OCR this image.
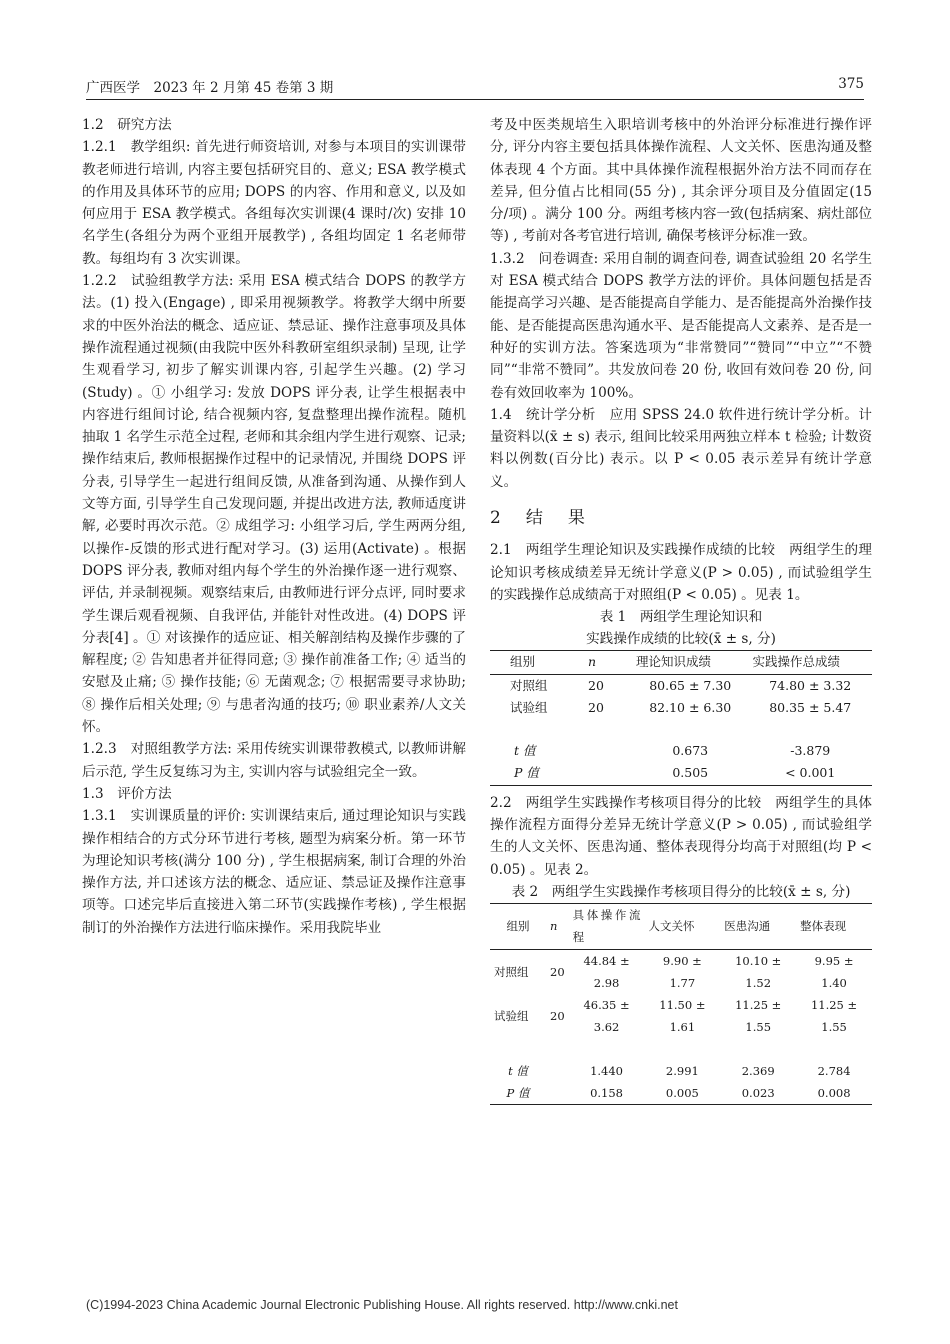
广西医学　2023 年 2 月第 45 卷第 3 期	375

1.2　研究方法

1.2.1　教学组织: 首先进行师资培训, 对参与本项目的实训课带教老师进行培训, 内容主要包括研究目的、意义; ESA 教学模式的作用及具体环节的应用; DOPS 的内容、作用和意义, 以及如何应用于 ESA 教学模式。各组每次实训课(4 课时/次) 安排 10 名学生(各组分为两个亚组开展教学) , 各组均固定 1 名老师带教。每组均有 3 次实训课。

1.2.2　试验组教学方法: 采用 ESA 模式结合 DOPS 的教学方法。(1) 投入(Engage) , 即采用视频教学。将教学大纲中所要求的中医外治法的概念、适应证、禁忌证、操作注意事项及具体操作流程通过视频(由我院中医外科教研室组织录制) 呈现, 让学生观看学习, 初步了解实训课内容, 引起学生兴趣。(2) 学习(Study) 。① 小组学习: 发放 DOPS 评分表, 让学生根据表中内容进行组间讨论, 结合视频内容, 复盘整理出操作流程。随机抽取 1 名学生示范全过程, 老师和其余组内学生进行观察、记录; 操作结束后, 教师根据操作过程中的记录情况, 并围绕 DOPS 评分表, 引导学生一起进行组间反馈, 从准备到沟通、从操作到人文等方面, 引导学生自己发现问题, 并提出改进方法, 教师适度讲解, 必要时再次示范。② 成组学习: 小组学习后, 学生两两分组, 以操作-反馈的形式进行配对学习。(3) 运用(Activate) 。根据 DOPS 评分表, 教师对组内每个学生的外治操作逐一进行观察、评估, 并录制视频。观察结束后, 由教师进行评分点评, 同时要求学生课后观看视频、自我评估, 并能针对性改进。(4) DOPS 评分表[4] 。① 对该操作的适应证、相关解剖结构及操作步骤的了解程度; ② 告知患者并征得同意; ③ 操作前准备工作; ④ 适当的安慰及止痛; ⑤ 操作技能; ⑥ 无菌观念; ⑦ 根据需要寻求协助; ⑧ 操作后相关处理; ⑨ 与患者沟通的技巧; ⑩ 职业素养/人文关怀。

1.2.3　对照组教学方法: 采用传统实训课带教模式, 以教师讲解后示范, 学生反复练习为主, 实训内容与试验组完全一致。

1.3　评价方法

1.3.1　实训课质量的评价: 实训课结束后, 通过理论知识与实践操作相结合的方式分环节进行考核, 题型为病案分析。第一环节为理论知识考核(满分 100 分) , 学生根据病案, 制订合理的外治操作方法, 并口述该方法的概念、适应证、禁忌证及操作注意事项等。口述完毕后直接进入第二环节(实践操作考核) , 学生根据制订的外治操作方法进行临床操作。采用我院毕业

考及中医类规培生入职培训考核中的外治评分标准进行操作评分, 评分内容主要包括具体操作流程、人文关怀、医患沟通及整体表现 4 个方面。其中具体操作流程根据外治方法不同而存在差异, 但分值占比相同(55 分) , 其余评分项目及分值固定(15 分/项) 。满分 100 分。两组考核内容一致(包括病案、病灶部位等) , 考前对各考官进行培训, 确保考核评分标准一致。

1.3.2　问卷调查: 采用自制的调查问卷, 调查试验组 20 名学生对 ESA 模式结合 DOPS 教学方法的评价。具体问题包括是否能提高学习兴趣、是否能提高自学能力、是否能提高外治操作技能、是否能提高医患沟通水平、是否能提高人文素养、是否是一种好的实训方法。答案选项为“非常赞同”“赞同”“中立”“不赞同”“非常不赞同”。共发放问卷 20 份, 收回有效问卷 20 份, 问卷有效回收率为 100%。

1.4　统计学分析　应用 SPSS 24.0 软件进行统计学分析。计量资料以(x̄ ± s) 表示, 组间比较采用两独立样本 t 检验; 计数资料以例数(百分比) 表示。以 P < 0.05 表示差异有统计学意义。

2　结　果

2.1　两组学生理论知识及实践操作成绩的比较　两组学生的理论知识考核成绩差异无统计学意义(P > 0.05) , 而试验组学生的实践操作总成绩高于对照组(P < 0.05) 。见表 1。

表 1　两组学生理论知识和

实践操作成绩的比较(x̄ ± s, 分)

组别	n	理论知识成绩	实践操作总成绩
对照组	20	80.65 ± 7.30	74.80 ± 3.32
试验组	20	82.10 ± 6.30	80.35 ± 5.47

t 值		0.673	-3.879
P 值		0.505	< 0.001

2.2　两组学生实践操作考核项目得分的比较　两组学生的具体操作流程方面得分差异无统计学意义(P > 0.05) , 而试验组学生的人文关怀、医患沟通、整体表现得分均高于对照组(均 P < 0.05) 。见表 2。

表 2　两组学生实践操作考核项目得分的比较(x̄ ± s, 分)

组别	n	具体操作流程	人文关怀	医患沟通	整体表现
对照组	20	44.84 ± 2.98	9.90 ± 1.77	10.10 ± 1.52	9.95 ± 1.40
试验组	20	46.35 ± 3.62	11.50 ± 1.61	11.25 ± 1.55	11.25 ± 1.55

t 值		1.440	2.991	2.369	2.784
P 值		0.158	0.005	0.023	0.008
(C)1994-2023 China Academic Journal Electronic Publishing House. All rights reserved. http://www.cnki.net
